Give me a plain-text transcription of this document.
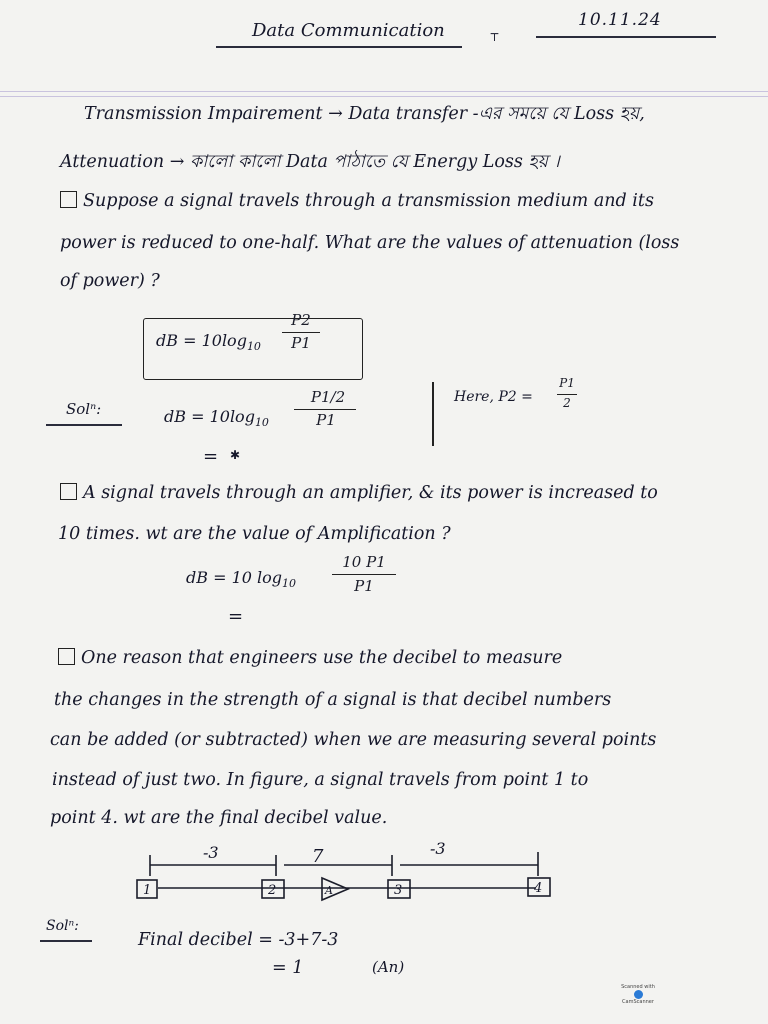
Data Communication	10.11.24
⸆
Transmission Impairement → Data transfer -এর সময়ে যে Loss হয়,
Attenuation → কালো কালো Data পাঠাতে যে Energy Loss হয় ।
Suppose a signal travels through a transmission medium and its
power is reduced to one-half. What are the values of attenuation (loss
of power) ?
dB = $10\log_{10}$
P2
P1
Solⁿ:	dB = $10\log_{10}$
P1/2
P1
= ✱
Here, P2 =
P1
2
A signal travels through an amplifier, & its power is increased to
10 times. wt are the value of Amplification ?
dB = 10 $\log_{10}$
10 P1
P1
=
One reason that engineers use the decibel to measure
the changes in the strength of a signal is that decibel numbers
can be added (or subtracted) when we are measuring several points
instead of just two. In figure, a signal travels from point 1 to
point 4. wt are the final decibel value.
-3	7	-3
1	2	3	4
A
Solⁿ:
Final decibel = -3+7-3
= 1	(An)
Scanned with
CamScanner
